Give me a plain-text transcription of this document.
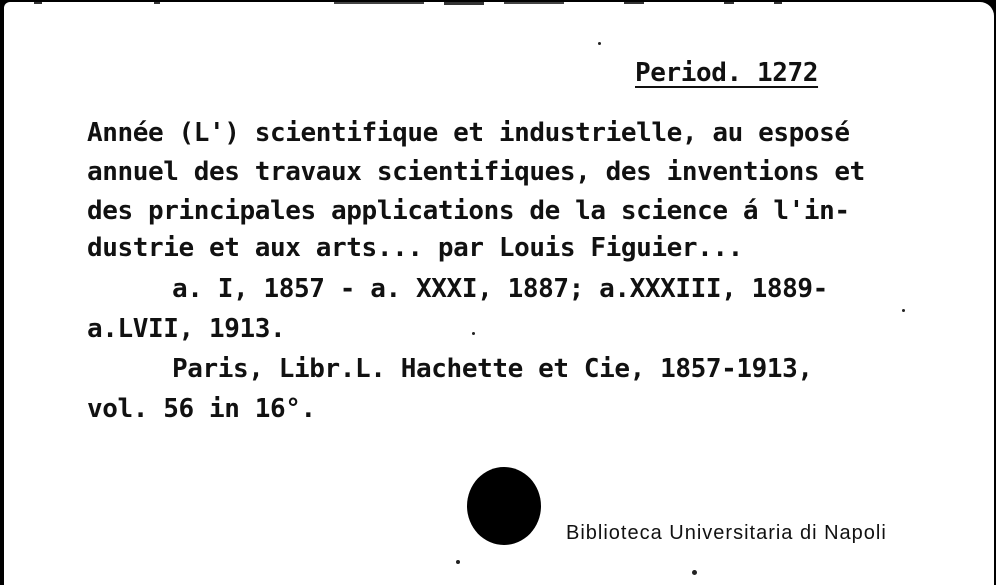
Period. 1272

Année (L') scientifique et industrielle, au esposé

annuel des travaux scientifiques, des inventions et

des principales applications de la science á l'in-

dustrie et aux arts... par Louis Figuier...

a. I, 1857 - a. XXXI, 1887; a.XXXIII, 1889-

a.LVII, 1913.

Paris, Libr.L. Hachette et Cie, 1857-1913,

vol. 56 in 16°.

Biblioteca Universitaria di Napoli
